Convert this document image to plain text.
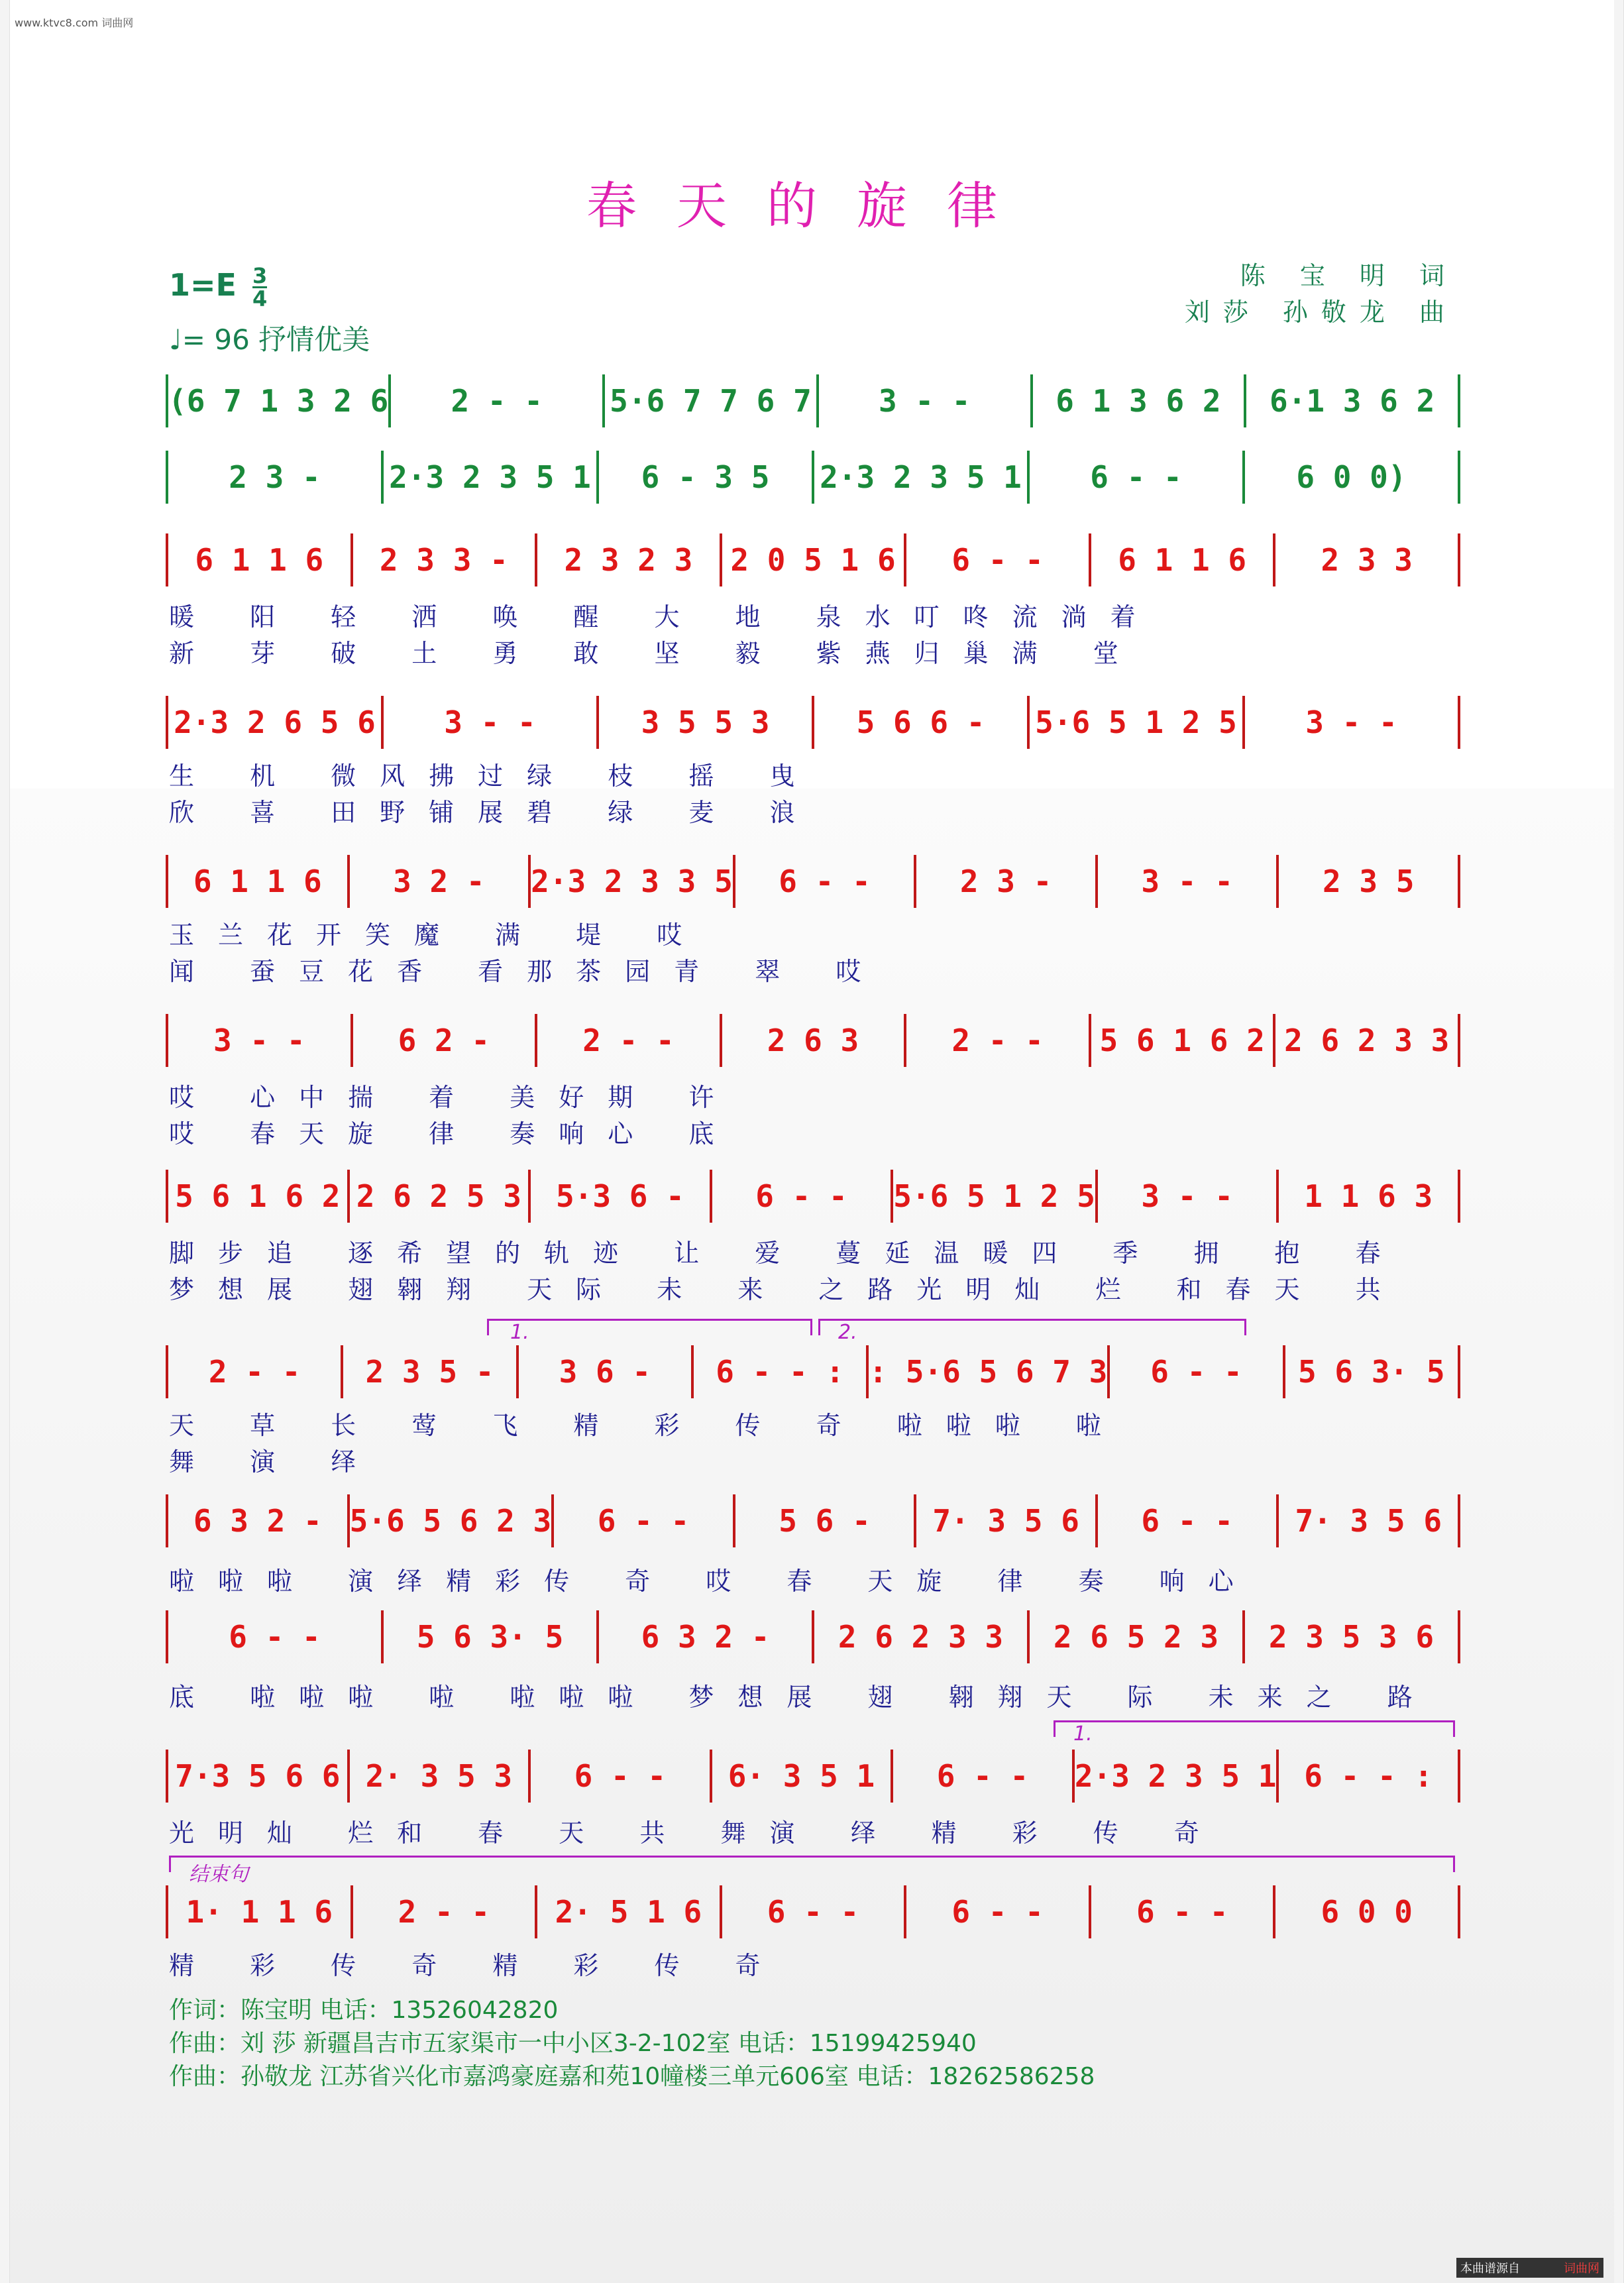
www.ktvc8.com 词曲网
春天的旋律
$1=E \frac{3}{4}$
♩= 96 抒情优美
陈 宝 明 词
刘莎 孙敬龙 曲
(6 7 1 3 2 6	2 - -	5·6 7 7 6 7	3 - -	6 1 3 6 2	6·1 3 6 2
2 3 -	2·3 2 3 5 1	6 - 3 5	2·3 2 3 5 1	6 - -	6 0 0)
6 1 1 6	2 3 3 -	2 3 2 3	2 0 5 1 6	6 - -	6 1 1 6	2 3 3
2·3 2 6 5 6	3 - -	3 5 5 3	5 6 6 -	5·6 5 1 2 5	3 - -
6 1 1 6	3 2 -	2·3 2 3 3 5	6 - -	2 3 -	3 - -	2 3 5
3 - -	6 2 -	2 - -	2 6 3	2 - -	5 6 1 6 2 2 6 2 3 3
5 6 1 6 2 2 6 2 5 3	5·3 6 -	6 - -	5·6 5 1 2 5	3 - -	1 1 6 3
2 - -	2 3 5 -	3 6 -	6 - - : : 5·6 5 6 7 3	6 - -	5 6 3· 5
6 3 2 - 5·6 5 6 2 3	6 - -	5 6 -	7· 3 5 6	6 - -	7· 3 5 6
6 - -	5 6 3· 5	6 3 2 -	2 6 2 3 3	2 6 5 2 3	2 3 5 3 6
7·3 5 6 6 2· 3 5 3	6 - -	6· 3 5 1	6 - -	2·3 2 3 5 1 6 - - :
1· 1 1 6	2 - -	2· 5 1 6	6 - -	6 - -	6 - -	6 0 0
暖 阳 轻 洒 唤 醒 大 地 泉水叮咚流淌着
新 芽 破 土 勇 敢 坚 毅 紫燕归巢满 堂
生 机 微风拂过绿 枝 摇 曳
欣 喜 田野铺展碧 绿 麦 浪
玉兰花开笑魔 满 堤 哎
闻 蚕豆花香 看那茶园青 翠 哎
哎 心中揣 着 美好期 许
哎 春天旋 律 奏响心 底
脚步追 逐希望的轨迹 让 爱 蔓延温暖四 季 拥 抱 春
梦想展 翅翱翔 天际 未 来 之路光明灿 烂 和春天 共
天 草 长 莺 飞 精 彩 传 奇 啦啦啦 啦
舞 演 绎
啦啦啦 演绎精彩传 奇 哎 春 天旋 律 奏 响心
底 啦啦啦 啦 啦啦啦 梦想展 翅 翱翔天 际 未来之 路
光明灿 烂和 春 天 共 舞演 绎 精 彩 传 奇
精 彩 传 奇 精 彩 传 奇
1.	2.
1.
结束句
作词：陈宝明 电话：13526042820
作曲：刘 莎 新疆昌吉市五家渠市一中小区3-2-102室 电话：15199425940
作曲：孙敬龙 江苏省兴化市嘉鸿豪庭嘉和苑10幢楼三单元606室 电话：18262586258
本曲谱源自	词曲网
